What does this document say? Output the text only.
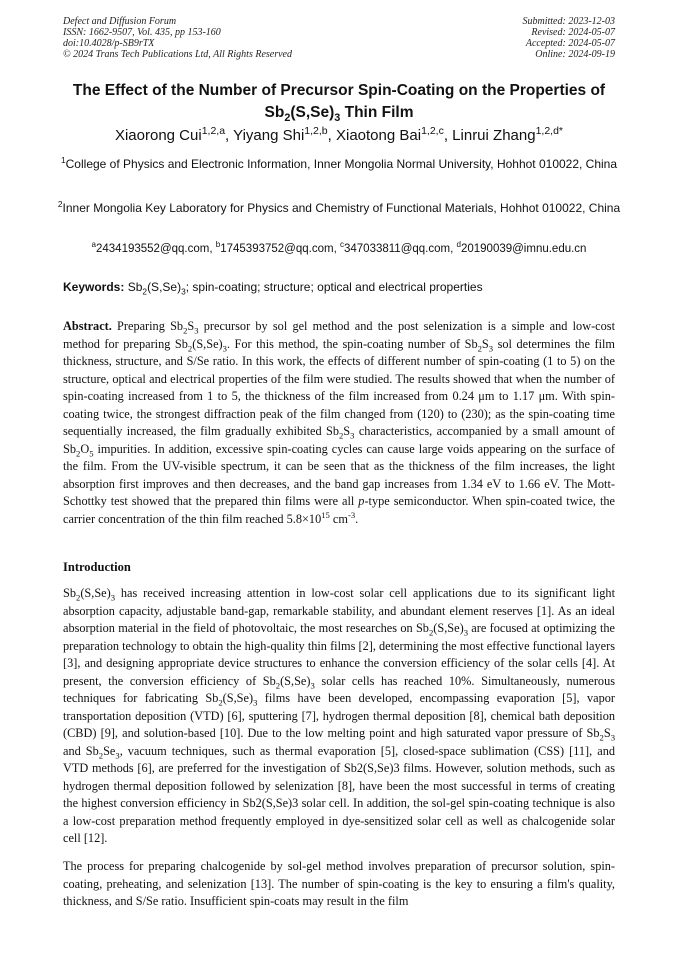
Defect and Diffusion Forum
ISSN: 1662-9507, Vol. 435, pp 153-160
doi:10.4028/p-SB9rTX
© 2024 Trans Tech Publications Ltd, All Rights Reserved
Submitted: 2023-12-03
Revised: 2024-05-07
Accepted: 2024-05-07
Online: 2024-09-19
The Effect of the Number of Precursor Spin-Coating on the Properties of
$Sb_2(S,Se)_3$ Thin Film
Xiaorong Cui$^{1,2,a}$, Yiyang Shi$^{1,2,b}$, Xiaotong Bai$^{1,2,c}$, Linrui Zhang$^{1,2,d*}$
$^1$College of Physics and Electronic Information, Inner Mongolia Normal University, Hohhot 010022, China
$^2$Inner Mongolia Key Laboratory for Physics and Chemistry of Functional Materials, Hohhot 010022, China
$^a$2434193552@qq.com, $^b$1745393752@qq.com, $^c$347033811@qq.com, $^d$20190039@imnu.edu.cn
Keywords: $Sb_2(S,Se)_3$; spin-coating; structure; optical and electrical properties
Abstract. Preparing $Sb_2S_3$ precursor by sol gel method and the post selenization is a simple and low-cost method for preparing $Sb_2(S,Se)_3$. For this method, the spin-coating number of $Sb_2S_3$ sol determines the film thickness, structure, and S/Se ratio. In this work, the effects of different number of spin-coating (1 to 5) on the structure, optical and electrical properties of the film were studied. The results showed that when the number of spin-coating increased from 1 to 5, the thickness of the film increased from 0.24 μm to 1.17 μm. With spin-coating twice, the strongest diffraction peak of the film changed from (120) to (230); as the spin-coating time sequentially increased, the film gradually exhibited $Sb_2S_3$ characteristics, accompanied by a small amount of $Sb_2O_5$ impurities. In addition, excessive spin-coating cycles can cause large voids appearing on the surface of the film. From the UV-visible spectrum, it can be seen that as the thickness of the film increases, the light absorption first improves and then decreases, and the band gap increases from 1.34 eV to 1.66 eV. The Mott-Schottky test showed that the prepared thin films were all p-type semiconductor. When spin-coated twice, the carrier concentration of the thin film reached $5.8\times 10^{15}$ $cm^{-3}$.
Introduction
$Sb_2(S,Se)_3$ has received increasing attention in low-cost solar cell applications due to its significant light absorption capacity, adjustable band-gap, remarkable stability, and abundant element reserves [1]. As an ideal absorption material in the field of photovoltaic, the most researches on $Sb_2(S,Se)_3$ are focused at optimizing the preparation technology to obtain the high-quality thin films [2], determining the most effective functional layers [3], and designing appropriate device structures to enhance the conversion efficiency of the solar cells [4]. At present, the conversion efficiency of $Sb_2(S,Se)_3$ solar cells has reached 10%. Simultaneously, numerous techniques for fabricating $Sb_2(S,Se)_3$ films have been developed, encompassing evaporation [5], vapor transportation deposition (VTD) [6], sputtering [7], hydrogen thermal deposition [8], chemical bath deposition (CBD) [9], and solution-based [10]. Due to the low melting point and high saturated vapor pressure of $Sb_2S_3$ and $Sb_2Se_3$, vacuum techniques, such as thermal evaporation [5], closed-space sublimation (CSS) [11], and VTD methods [6], are preferred for the investigation of Sb2(S,Se)3 films. However, solution methods, such as hydrogen thermal deposition followed by selenization [8], have been the most successful in terms of creating the highest conversion efficiency in Sb2(S,Se)3 solar cell. In addition, the sol-gel spin-coating technique is also a low-cost preparation method frequently employed in dye-sensitized solar cell as well as chalcogenide solar cell [12].
The process for preparing chalcogenide by sol-gel method involves preparation of precursor solution, spin-coating, preheating, and selenization [13]. The number of spin-coating is the key to ensuring a film's quality, thickness, and S/Se ratio. Insufficient spin-coats may result in the film
